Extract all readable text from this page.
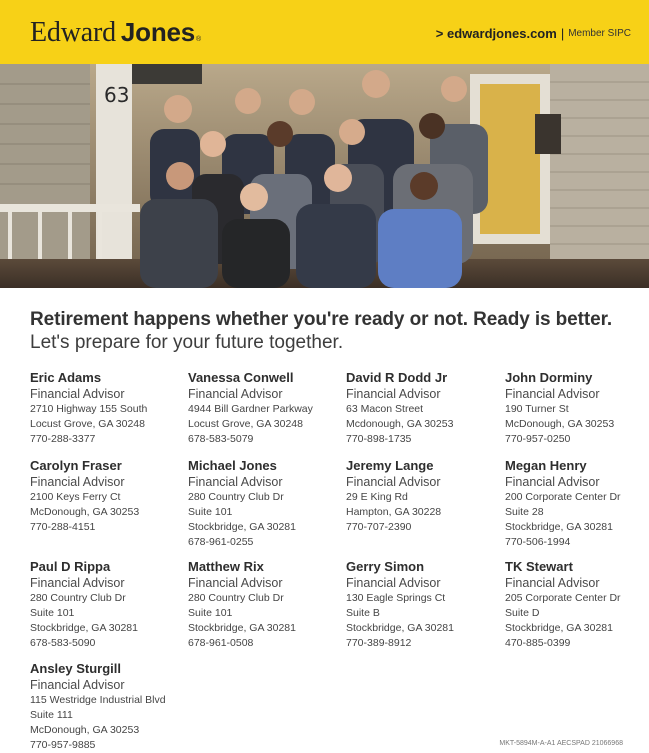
Edward Jones ®	> edwardjones.com | Member SIPC
63
Retirement happens whether you're ready or not. Ready is better.
Let's prepare for your future together.
Eric Adams
Financial Advisor
2710 Highway 155 South
Locust Grove, GA 30248
770-288-3377
Vanessa Conwell
Financial Advisor
4944 Bill Gardner Parkway
Locust Grove, GA 30248
678-583-5079
David R Dodd Jr
Financial Advisor
63 Macon Street
Mcdonough, GA 30253
770-898-1735
John Dorminy
Financial Advisor
190 Turner St
McDonough, GA 30253
770-957-0250
Carolyn Fraser
Financial Advisor
2100 Keys Ferry Ct
McDonough, GA 30253
770-288-4151
Michael Jones
Financial Advisor
280 Country Club Dr
Suite 101
Stockbridge, GA 30281
678-961-0255
Jeremy Lange
Financial Advisor
29 E King Rd
Hampton, GA 30228
770-707-2390
Megan Henry
Financial Advisor
200 Corporate Center Dr
Suite 28
Stockbridge, GA 30281
770-506-1994
Paul D Rippa
Financial Advisor
280 Country Club Dr
Suite 101
Stockbridge, GA 30281
678-583-5090
Matthew Rix
Financial Advisor
280 Country Club Dr
Suite 101
Stockbridge, GA 30281
678-961-0508
Gerry Simon
Financial Advisor
130 Eagle Springs Ct
Suite B
Stockbridge, GA 30281
770-389-8912
TK Stewart
Financial Advisor
205 Corporate Center Dr
Suite D
Stockbridge, GA 30281
470-885-0399
Ansley Sturgill
Financial Advisor
115 Westridge Industrial Blvd
Suite 111
McDonough, GA 30253
770-957-9885	MKT-5894M-A-A1 AECSPAD 21066968
